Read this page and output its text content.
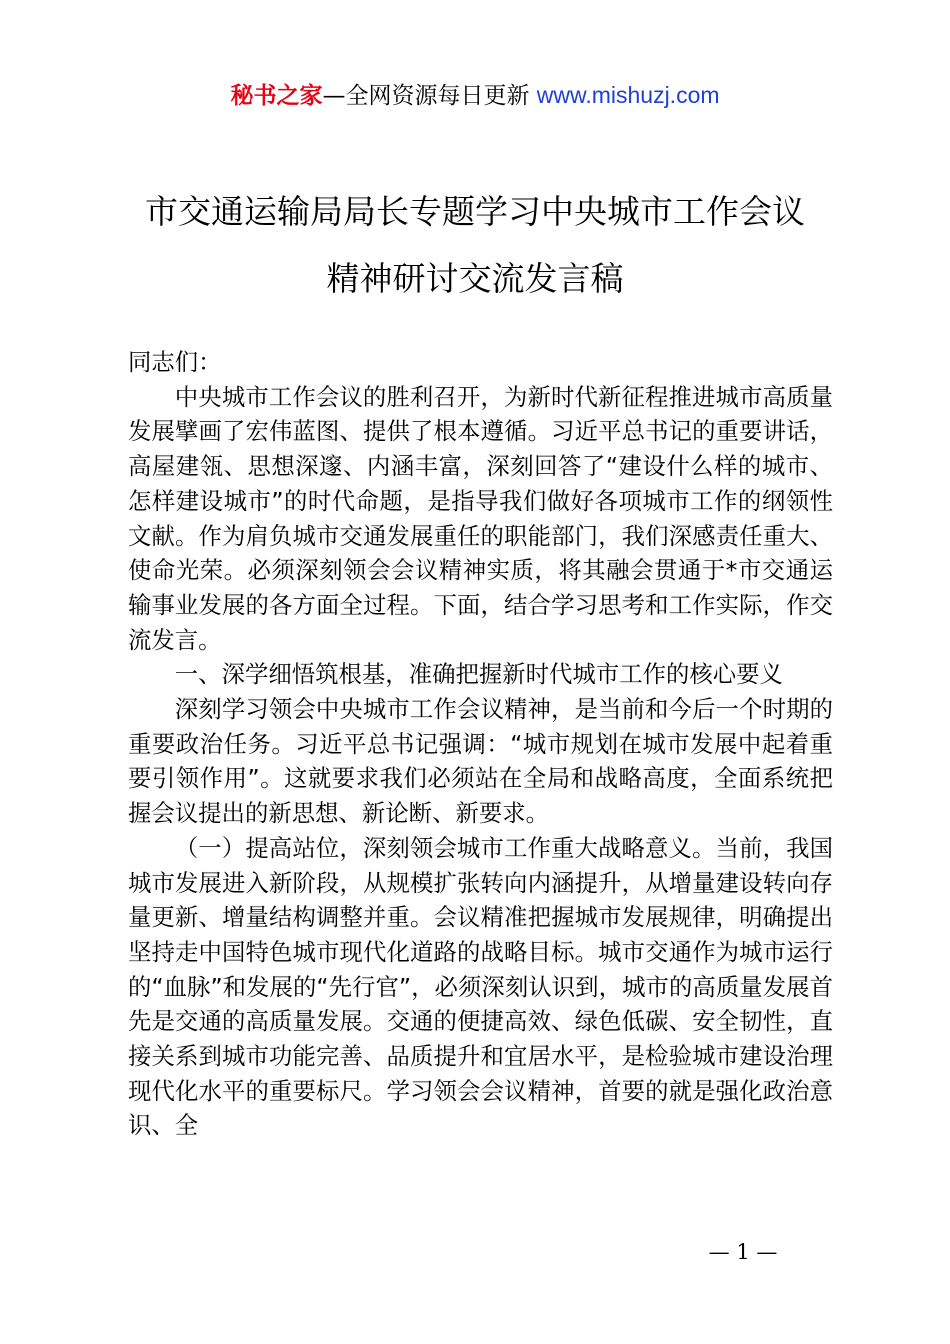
秘书之家—全网资源每日更新 www.mishuzj.com
市交通运输局局长专题学习中央城市工作会议
精神研讨交流发言稿

同志们：

中央城市工作会议的胜利召开，为新时代新征程推进城市高质量发展擘画了宏伟蓝图、提供了根本遵循。习近平总书记的重要讲话，高屋建瓴、思想深邃、内涵丰富，深刻回答了“建设什么样的城市、怎样建设城市”的时代命题，是指导我们做好各项城市工作的纲领性文献。作为肩负城市交通发展重任的职能部门，我们深感责任重大、使命光荣。必须深刻领会会议精神实质，将其融会贯通于*市交通运输事业发展的各方面全过程。下面，结合学习思考和工作实际，作交流发言。

一、深学细悟筑根基，准确把握新时代城市工作的核心要义

深刻学习领会中央城市工作会议精神，是当前和今后一个时期的重要政治任务。习近平总书记强调：“城市规划在城市发展中起着重要引领作用”。这就要求我们必须站在全局和战略高度，全面系统把握会议提出的新思想、新论断、新要求。

（一）提高站位，深刻领会城市工作重大战略意义。当前，我国城市发展进入新阶段，从规模扩张转向内涵提升，从增量建设转向存量更新、增量结构调整并重。会议精准把握城市发展规律，明确提出坚持走中国特色城市现代化道路的战略目标。城市交通作为城市运行的“血脉”和发展的“先行官”，必须深刻认识到，城市的高质量发展首先是交通的高质量发展。交通的便捷高效、绿色低碳、安全韧性，直接关系到城市功能完善、品质提升和宜居水平，是检验城市建设治理现代化水平的重要标尺。学习领会会议精神，首要的就是强化政治意识、全

— 1 —
